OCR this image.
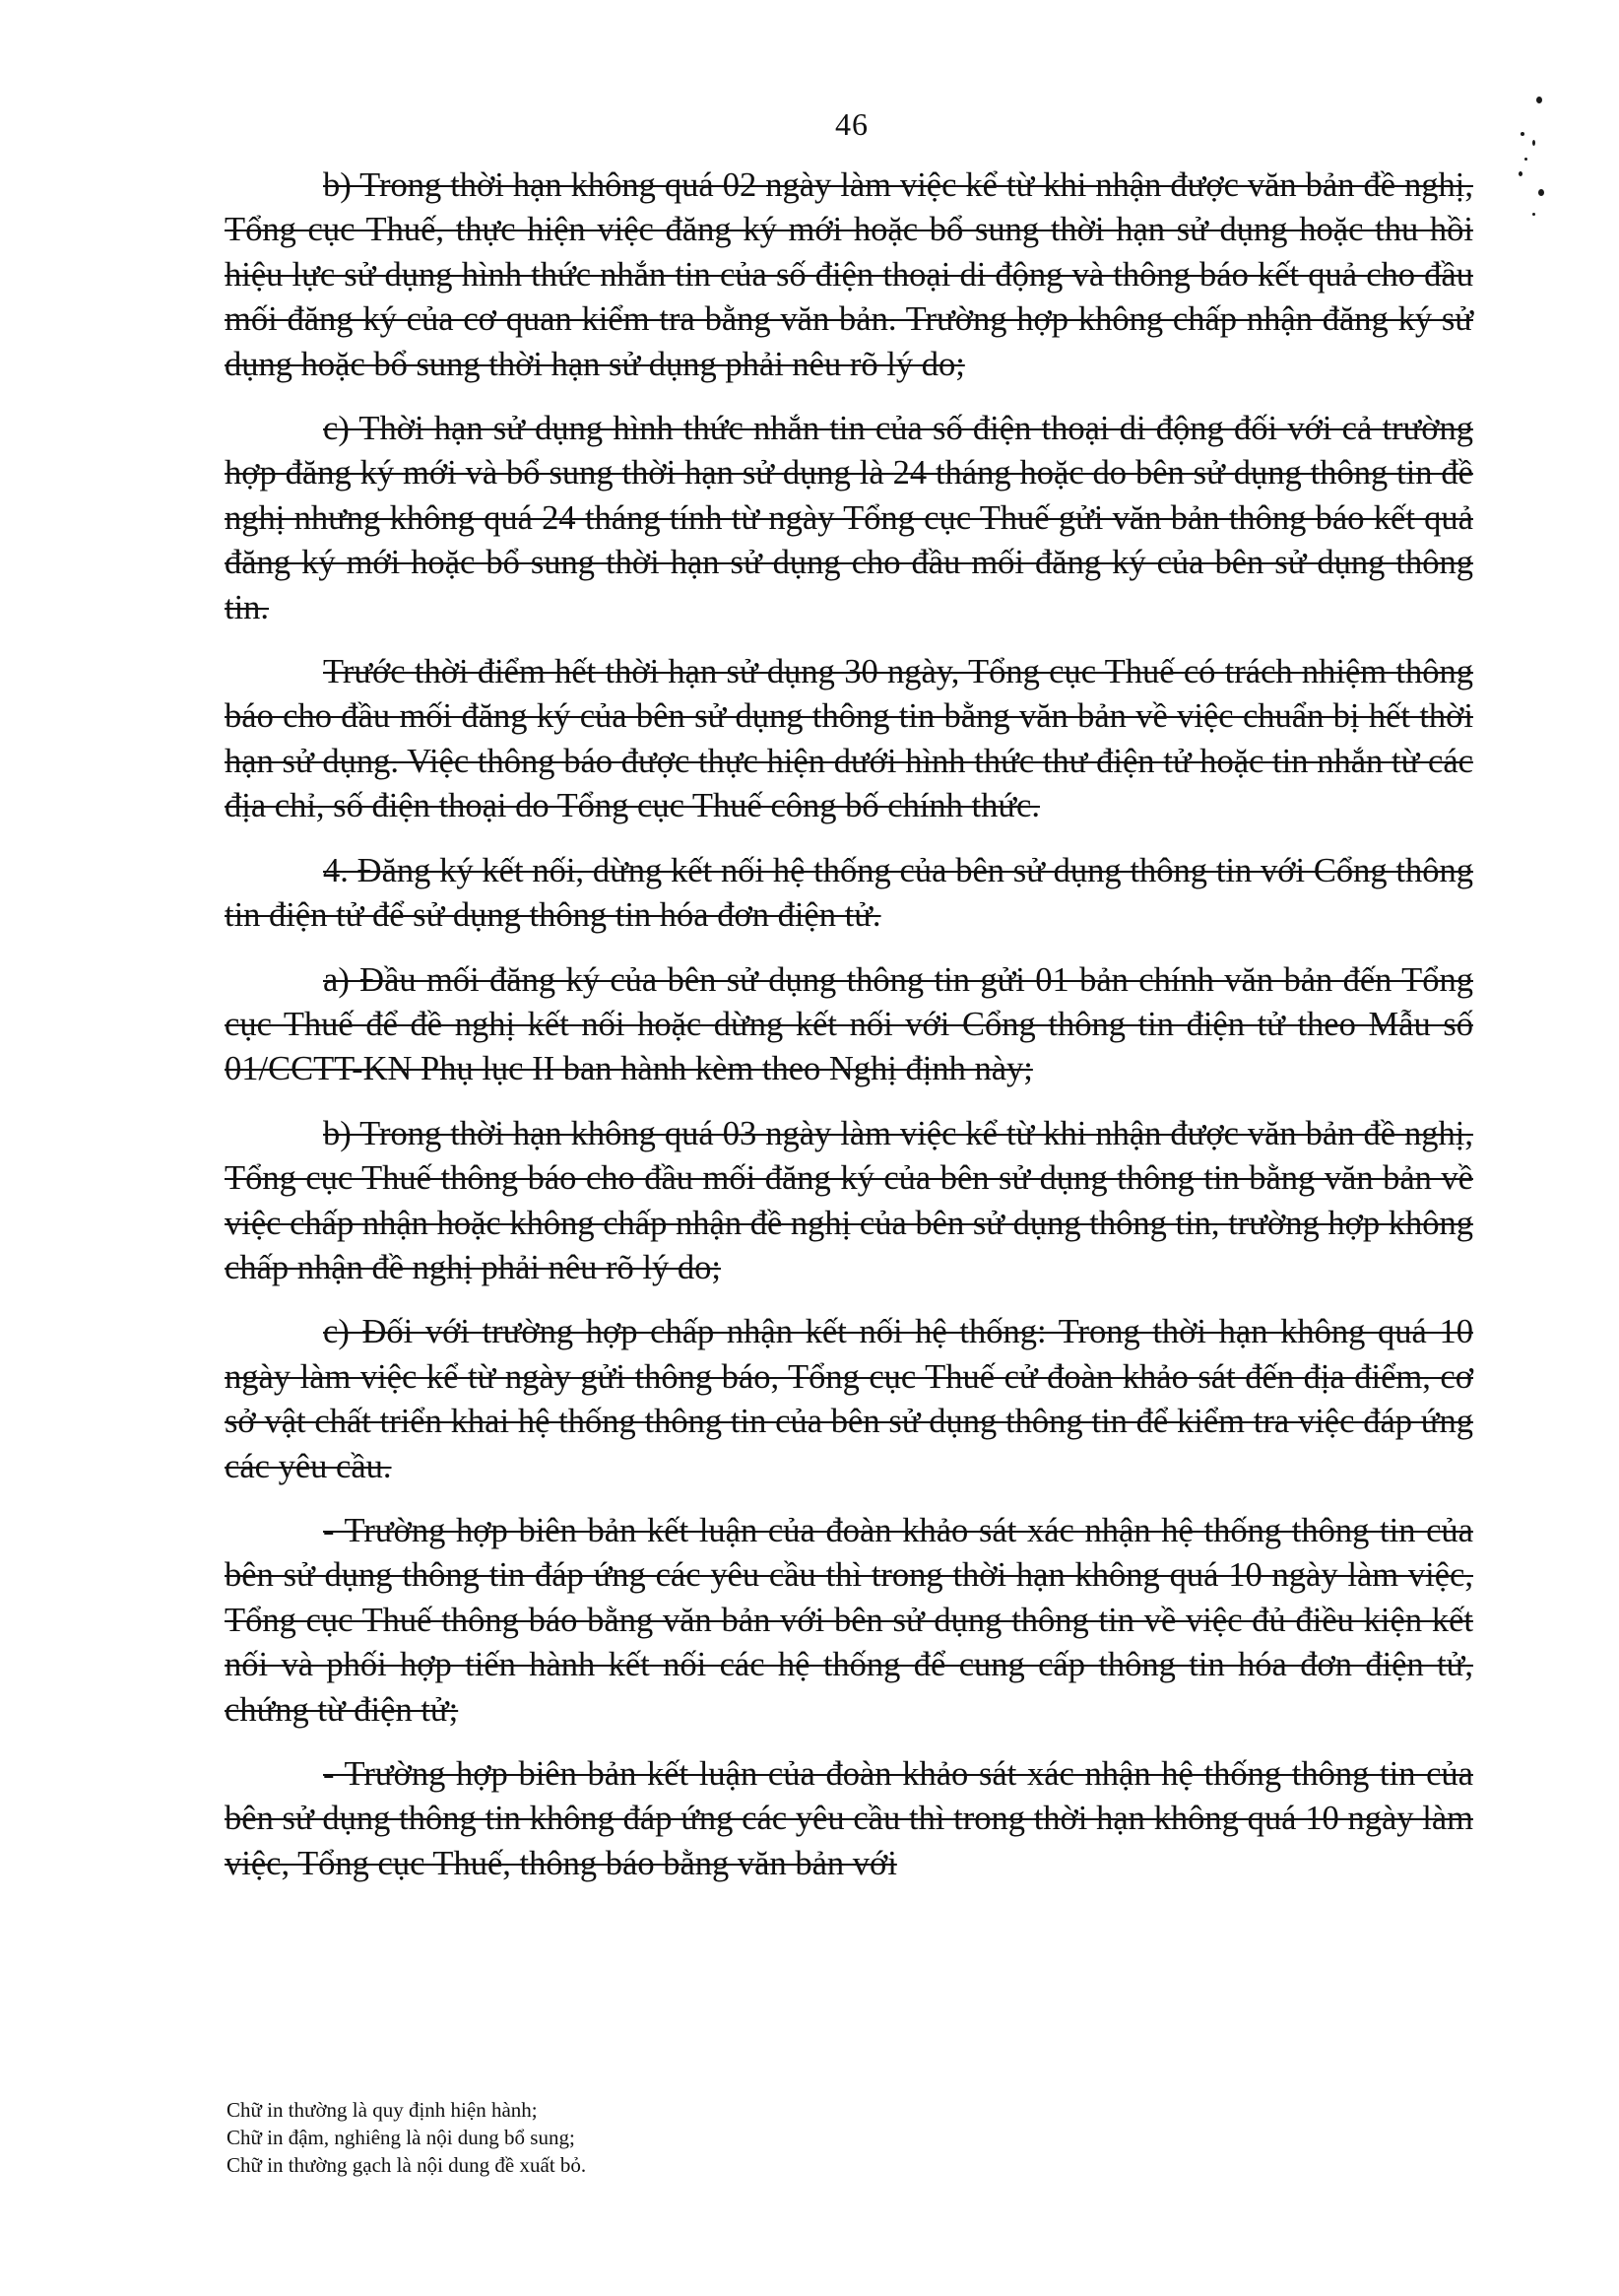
46

b) Trong thời hạn không quá 02 ngày làm việc kể từ khi nhận được văn bản đề nghị, Tổng cục Thuế, thực hiện việc đăng ký mới hoặc bổ sung thời hạn sử dụng hoặc thu hồi hiệu lực sử dụng hình thức nhắn tin của số điện thoại di động và thông báo kết quả cho đầu mối đăng ký của cơ quan kiểm tra bằng văn bản. Trường hợp không chấp nhận đăng ký sử dụng hoặc bổ sung thời hạn sử dụng phải nêu rõ lý do;

c) Thời hạn sử dụng hình thức nhắn tin của số điện thoại di động đối với cả trường hợp đăng ký mới và bổ sung thời hạn sử dụng là 24 tháng hoặc do bên sử dụng thông tin đề nghị nhưng không quá 24 tháng tính từ ngày Tổng cục Thuế gửi văn bản thông báo kết quả đăng ký mới hoặc bổ sung thời hạn sử dụng cho đầu mối đăng ký của bên sử dụng thông tin.

Trước thời điểm hết thời hạn sử dụng 30 ngày, Tổng cục Thuế có trách nhiệm thông báo cho đầu mối đăng ký của bên sử dụng thông tin bằng văn bản về việc chuẩn bị hết thời hạn sử dụng. Việc thông báo được thực hiện dưới hình thức thư điện tử hoặc tin nhắn từ các địa chỉ, số điện thoại do Tổng cục Thuế công bố chính thức.

4. Đăng ký kết nối, dừng kết nối hệ thống của bên sử dụng thông tin với Cổng thông tin điện tử để sử dụng thông tin hóa đơn điện tử.

a) Đầu mối đăng ký của bên sử dụng thông tin gửi 01 bản chính văn bản đến Tổng cục Thuế để đề nghị kết nối hoặc dừng kết nối với Cổng thông tin điện tử theo Mẫu số 01/CCTT-KN Phụ lục II ban hành kèm theo Nghị định này;

b) Trong thời hạn không quá 03 ngày làm việc kể từ khi nhận được văn bản đề nghị, Tổng cục Thuế thông báo cho đầu mối đăng ký của bên sử dụng thông tin bằng văn bản về việc chấp nhận hoặc không chấp nhận đề nghị của bên sử dụng thông tin, trường hợp không chấp nhận đề nghị phải nêu rõ lý do;

c) Đối với trường hợp chấp nhận kết nối hệ thống: Trong thời hạn không quá 10 ngày làm việc kể từ ngày gửi thông báo, Tổng cục Thuế cử đoàn khảo sát đến địa điểm, cơ sở vật chất triển khai hệ thống thông tin của bên sử dụng thông tin để kiểm tra việc đáp ứng các yêu cầu.

- Trường hợp biên bản kết luận của đoàn khảo sát xác nhận hệ thống thông tin của bên sử dụng thông tin đáp ứng các yêu cầu thì trong thời hạn không quá 10 ngày làm việc, Tổng cục Thuế thông báo bằng văn bản với bên sử dụng thông tin về việc đủ điều kiện kết nối và phối hợp tiến hành kết nối các hệ thống để cung cấp thông tin hóa đơn điện tử, chứng từ điện tử;

- Trường hợp biên bản kết luận của đoàn khảo sát xác nhận hệ thống thông tin của bên sử dụng thông tin không đáp ứng các yêu cầu thì trong thời hạn không quá 10 ngày làm việc, Tổng cục Thuế, thông báo bằng văn bản với

Chữ in thường là quy định hiện hành;

Chữ in đậm, nghiêng là nội dung bổ sung;

Chữ in thường gạch là nội dung đề xuất bỏ.
